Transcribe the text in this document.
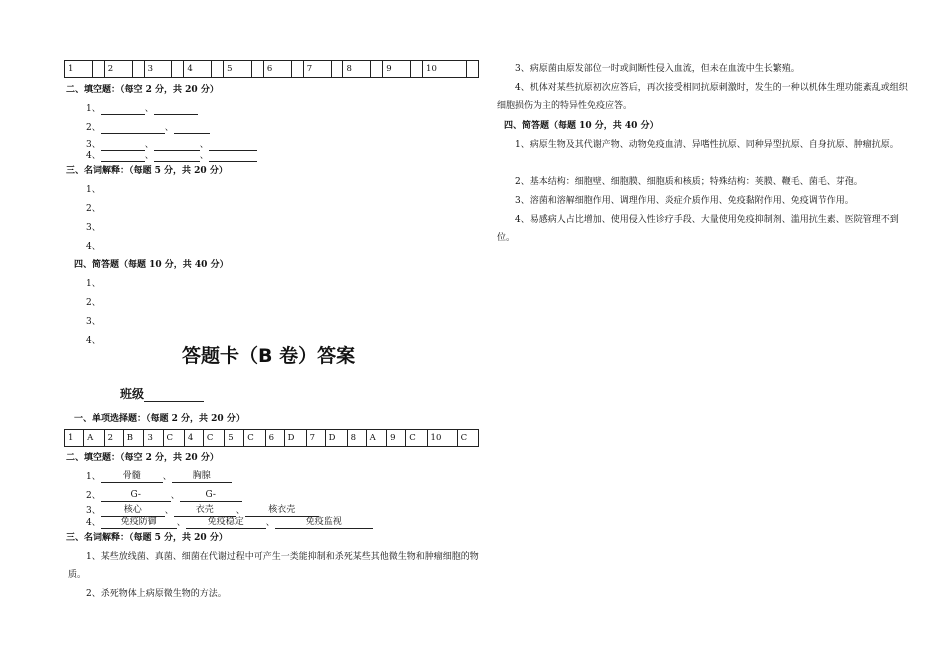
1		2		3		4		5		6		7		8		9		10	
二、填空题：（每空 2 分，共 20 分）
1、	、
2、	、
3、	、	、
4、	、	、
三、名词解释：（每题 5 分，共 20 分）
1、
2、
3、
4、
四、简答题（每题 10 分，共 40 分）
1、
2、
3、
4、
答题卡（B 卷）答案
班级
一、单项选择题：（每题 2 分，共 20 分）
1	A	2	B	3	C	4	C	5	C	6	D	7	D	8	A	9	C	10	C
二、填空题：（每空 2 分，共 20 分）
1、 骨髓 、 胸腺
2、	G-	、	G-
3、	核心	、 衣壳 、	核衣壳
4、 免疫防御 、 免疫稳定 、	免疫监视
三、名词解释：（每题 5 分，共 20 分）
1、某些放线菌、真菌、细菌在代谢过程中可产生一类能抑制和杀死某些其他微生物和肿瘤细胞的物质。
2、杀死物体上病原微生物的方法。
3、病原菌由原发部位一时或间断性侵入血流，但未在血流中生长繁殖。
4、机体对某些抗原初次应答后，再次接受相同抗原刺激时，发生的一种以机体生理功能紊乱或组织细胞损伤为主的特异性免疫应答。
四、简答题（每题 10 分，共 40 分）
1、病原生物及其代谢产物、动物免疫血清、异嗜性抗原、同种异型抗原、自身抗原、肿瘤抗原。
2、基本结构：细胞壁、细胞膜、细胞质和核质；特殊结构：荚膜、鞭毛、菌毛、芽孢。
3、溶菌和溶解细胞作用、调理作用、炎症介质作用、免疫黏附作用、免疫调节作用。
4、易感病人占比增加、使用侵入性诊疗手段、大量使用免疫抑制剂、滥用抗生素、医院管理不到位。
